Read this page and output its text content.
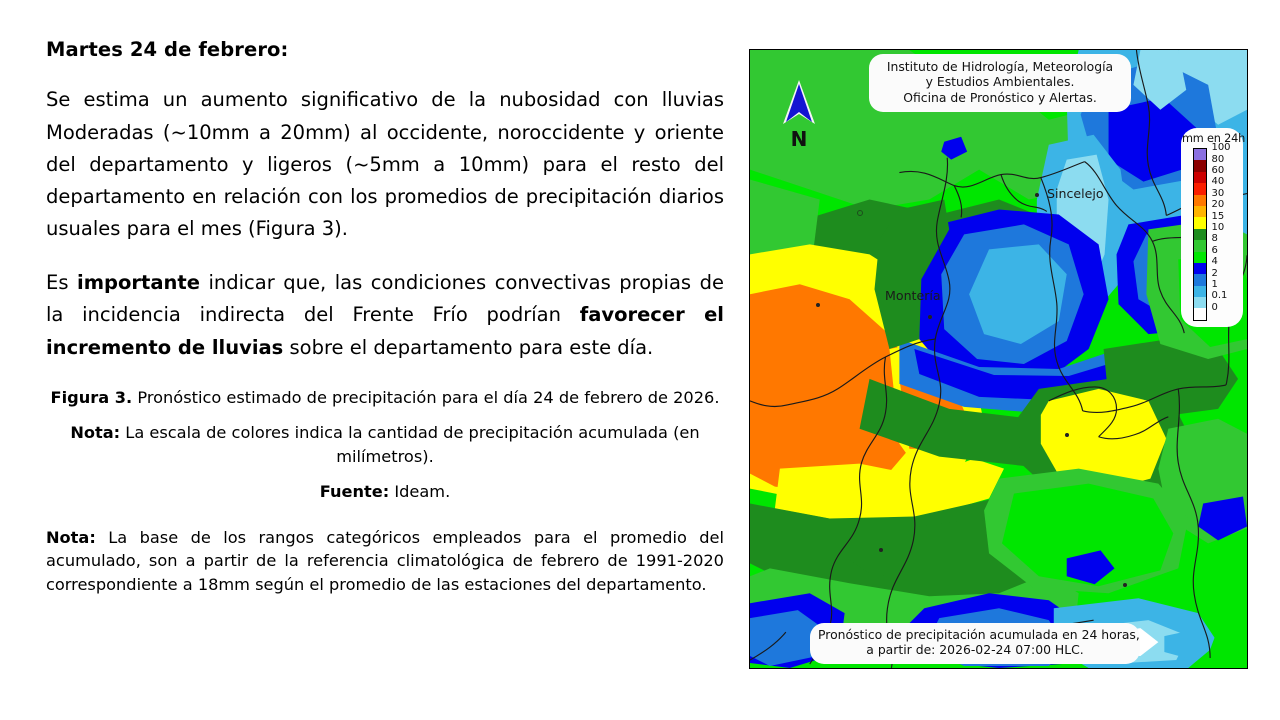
Martes 24 de febrero:

Se estima un aumento significativo de la nubosidad con lluvias Moderadas (~10mm a 20mm) al occidente, noroccidente y oriente del departamento y ligeros (~5mm a 10mm) para el resto del departamento en relación con los promedios de precipitación diarios usuales para el mes (Figura 3).

Es importante indicar que, las condiciones convectivas propias de la incidencia indirecta del Frente Frío podrían favorecer el incremento de lluvias sobre el departamento para este día.

Figura 3. Pronóstico estimado de precipitación para el día 24 de febrero de 2026.
Nota: La escala de colores indica la cantidad de precipitación acumulada (en milímetros).
Fuente: Ideam.
Nota: La base de los rangos categóricos empleados para el promedio del acumulado, son a partir de la referencia climatológica de febrero de 1991-2020 correspondiente a 18mm según el promedio de las estaciones del departamento.
N
Instituto de Hidrología, Meteorología
y Estudios Ambientales.
Oficina de Pronóstico y Alertas.
Sincelejo
Montería
mm en 24h
100
80
60
40
30
20
15
10
8
6
4
2
1
0.1
0
Pronóstico de precipitación acumulada en 24 horas,
a partir de: 2026-02-24 07:00 HLC.
